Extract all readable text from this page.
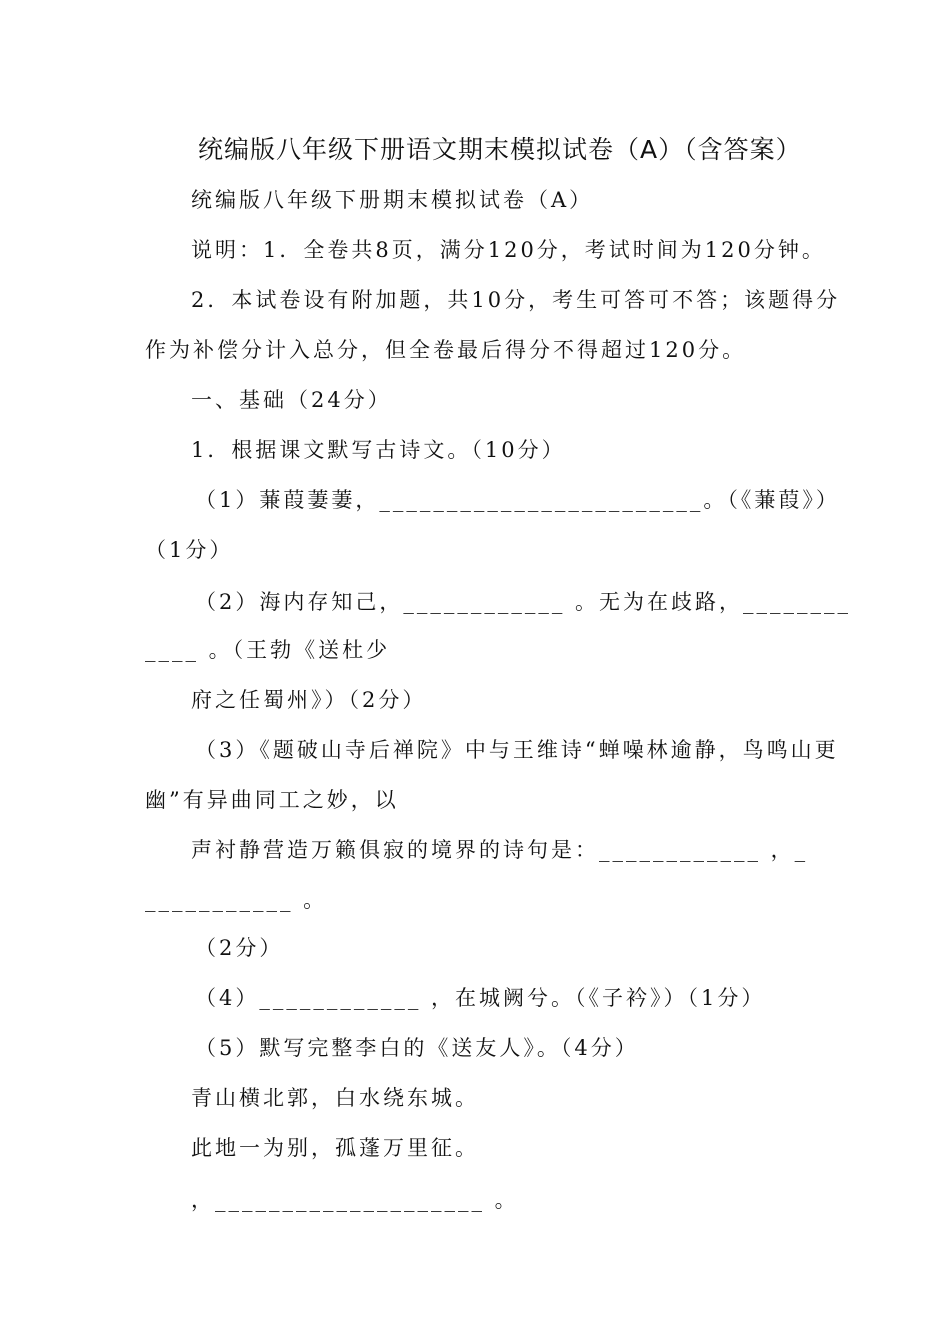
统编版八年级下册语文期末模拟试卷（A）（含答案）
统编版八年级下册期末模拟试卷（A）
说明：1．全卷共8页，满分120分，考试时间为120分钟。
2．本试卷设有附加题，共10分，考生可答可不答；该题得分
作为补偿分计入总分，但全卷最后得分不得超过120分。
一、基础（24分）
1．根据课文默写古诗文。（10分）
（1）蒹葭萋萋，________________________。（《蒹葭》）
（1分）
（2）海内存知己，____________ 。无为在歧路，________
____ 。（王勃《送杜少
府之任蜀州》）（2分）
（3）《题破山寺后禅院》中与王维诗“蝉噪林逾静，鸟鸣山更
幽”有异曲同工之妙，以
声衬静营造万籁俱寂的境界的诗句是：____________ ，_
___________ 。
（2分）
（4）____________ ，在城阙兮。（《子衿》）（1分）
（5）默写完整李白的《送友人》。（4分）
青山横北郭，白水绕东城。
此地一为别，孤蓬万里征。
，____________________ 。
